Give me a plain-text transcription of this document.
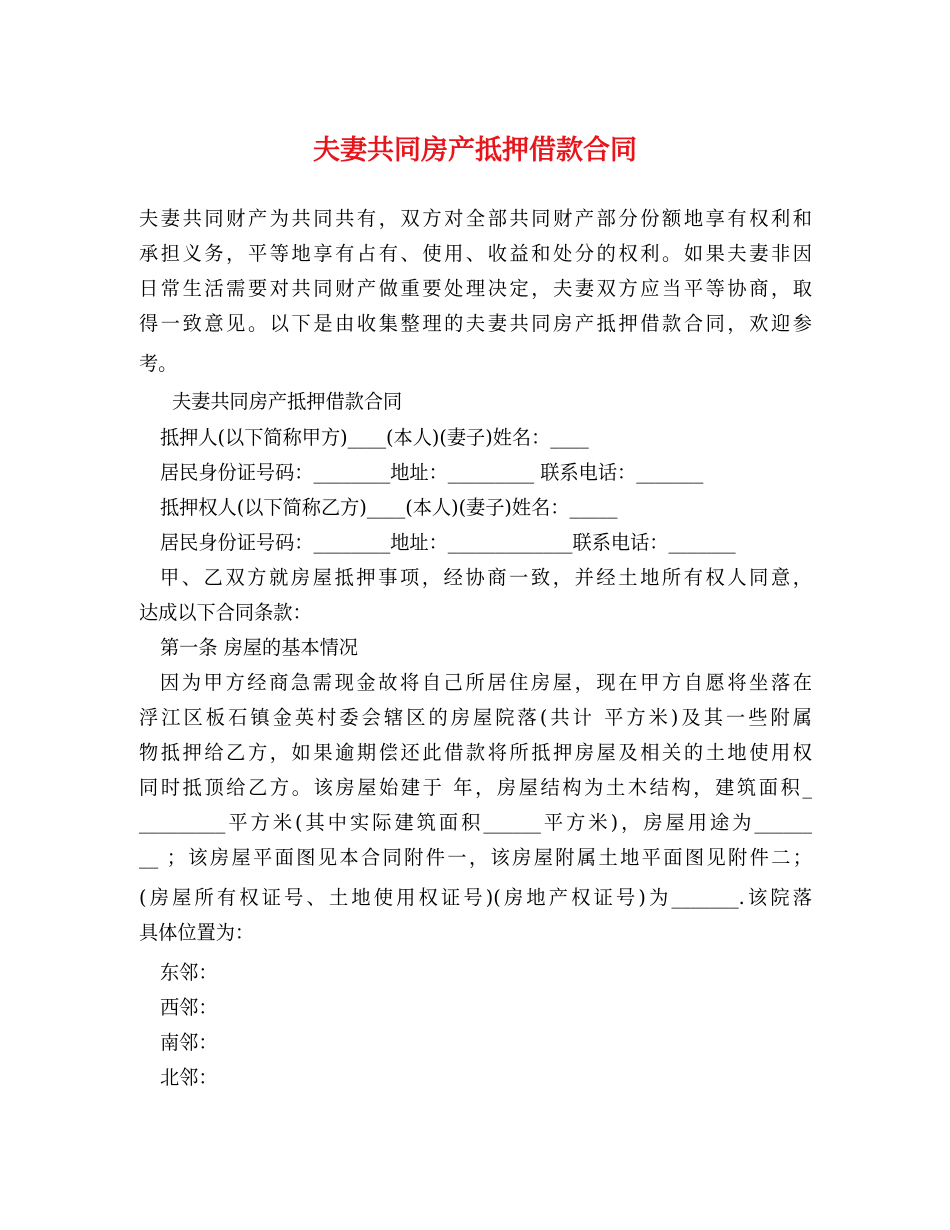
夫妻共同房产抵押借款合同
夫妻共同财产为共同共有，双方对全部共同财产部分份额地享有权利和
承担义务，平等地享有占有、使用、收益和处分的权利。如果夫妻非因
日常生活需要对共同财产做重要处理决定，夫妻双方应当平等协商，取
得一致意见。以下是由收集整理的夫妻共同房产抵押借款合同，欢迎参
考。
夫妻共同房产抵押借款合同
抵押人(以下简称甲方)____(本人)(妻子)姓名：____
居民身份证号码：________地址：_________ 联系电话：_______
抵押权人(以下简称乙方)____(本人)(妻子)姓名：_____
居民身份证号码：________地址：_____________联系电话：_______
甲、乙双方就房屋抵押事项，经协商一致，并经土地所有权人同意，
达成以下合同条款：
第一条 房屋的基本情况
因为甲方经商急需现金故将自己所居住房屋，现在甲方自愿将坐落在
浮江区板石镇金英村委会辖区的房屋院落(共计 平方米)及其一些附属
物抵押给乙方，如果逾期偿还此借款将所抵押房屋及相关的土地使用权
同时抵顶给乙方。该房屋始建于 年，房屋结构为土木结构，建筑面积_
_________平方米(其中实际建筑面积______平方米)，房屋用途为______
__ ；该房屋平面图见本合同附件一，该房屋附属土地平面图见附件二；
(房屋所有权证号、土地使用权证号)(房地产权证号)为_______.该院落
具体位置为：
东邻：
西邻：
南邻：
北邻：
